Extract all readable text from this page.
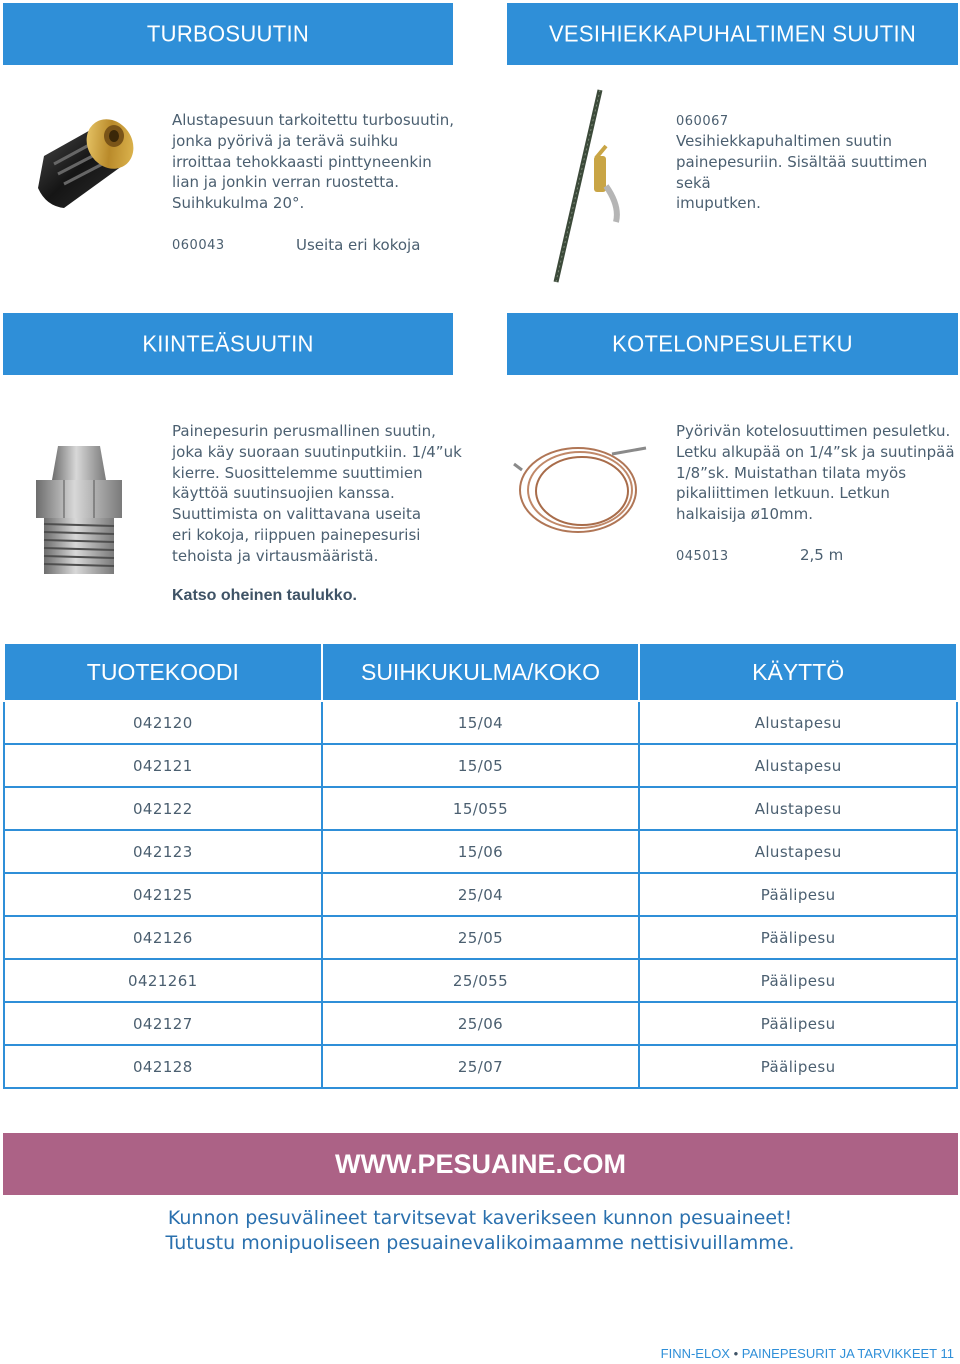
TURBOSUUTIN	VESIHIEKKAPUHALTIMEN SUUTIN
KIINTEÄSUUTIN	KOTELONPESULETKU
Alustapesuun tarkoitettu turbosuutin,
jonka pyörivä ja terävä suihku
irroittaa tehokkaasti pinttyneenkin
lian ja jonkin verran ruostetta.
Suihkukulma 20°.
060043	Useita eri kokoja
060067
Vesihiekkapuhaltimen suutin
painepesuriin. Sisältää suuttimen sekä
imuputken.
Painepesurin perusmallinen suutin,
joka käy suoraan suutinputkiin. 1/4”uk
kierre. Suosittelemme suuttimien
käyttöä suutinsuojien kanssa.
Suuttimista on valittavana useita
eri kokoja, riippuen painepesurisi
tehoista ja virtausmääristä.
Katso oheinen taulukko.
Pyörivän kotelosuuttimen pesuletku.
Letku alkupää on 1/4”sk ja suutinpää
1/8”sk. Muistathan tilata myös
pikaliittimen letkuun. Letkun
halkaisija ø10mm.
045013	2,5 m
TUOTEKOODI	SUIHKUKULMA/KOKO	KÄYTTÖ
042120	15/04	Alustapesu
042121	15/05	Alustapesu
042122	15/055	Alustapesu
042123	15/06	Alustapesu
042125	25/04	Päälipesu
042126	25/05	Päälipesu
0421261	25/055	Päälipesu
042127	25/06	Päälipesu
042128	25/07	Päälipesu
WWW.PESUAINE.COM
Kunnon pesuvälineet tarvitsevat kaverikseen kunnon pesuaineet!
Tutustu monipuoliseen pesuainevalikoimaamme nettisivuillamme.
FINN-ELOX • PAINEPESURIT JA TARVIKKEET 11
